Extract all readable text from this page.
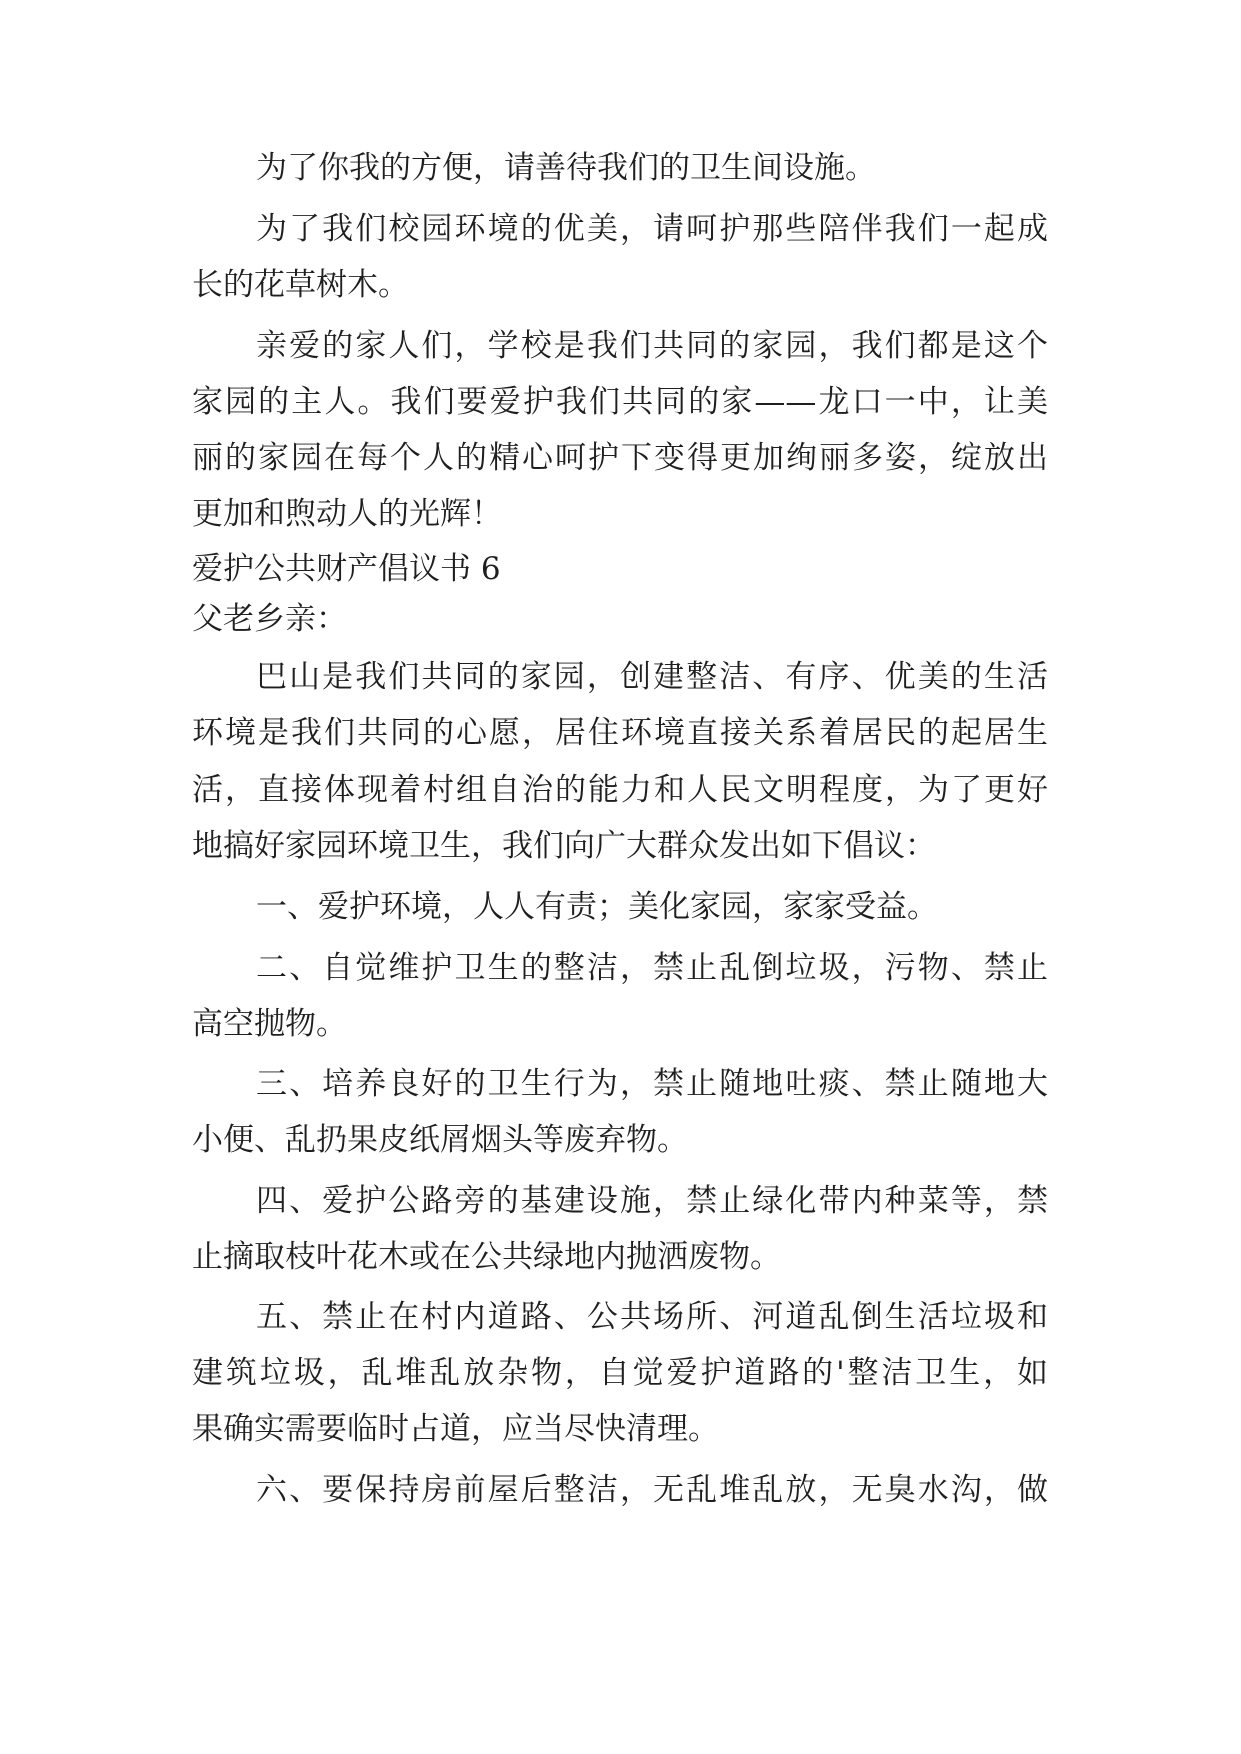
为了你我的方便，请善待我们的卫生间设施。
为了我们校园环境的优美，请呵护那些陪伴我们一起成
长的花草树木。
亲爱的家人们，学校是我们共同的家园，我们都是这个
家园的主人。我们要爱护我们共同的家——龙口一中，让美
丽的家园在每个人的精心呵护下变得更加绚丽多姿，绽放出
更加和煦动人的光辉！
爱护公共财产倡议书 6
父老乡亲：
巴山是我们共同的家园，创建整洁、有序、优美的生活
环境是我们共同的心愿，居住环境直接关系着居民的起居生
活，直接体现着村组自治的能力和人民文明程度，为了更好
地搞好家园环境卫生，我们向广大群众发出如下倡议：
一、爱护环境，人人有责；美化家园，家家受益。
二、自觉维护卫生的整洁，禁止乱倒垃圾，污物、禁止
高空抛物。
三、培养良好的卫生行为，禁止随地吐痰、禁止随地大
小便、乱扔果皮纸屑烟头等废弃物。
四、爱护公路旁的基建设施，禁止绿化带内种菜等，禁
止摘取枝叶花木或在公共绿地内抛洒废物。
五、禁止在村内道路、公共场所、河道乱倒生活垃圾和
建筑垃圾，乱堆乱放杂物，自觉爱护道路的'整洁卫生，如
果确实需要临时占道，应当尽快清理。
六、要保持房前屋后整洁，无乱堆乱放，无臭水沟，做
